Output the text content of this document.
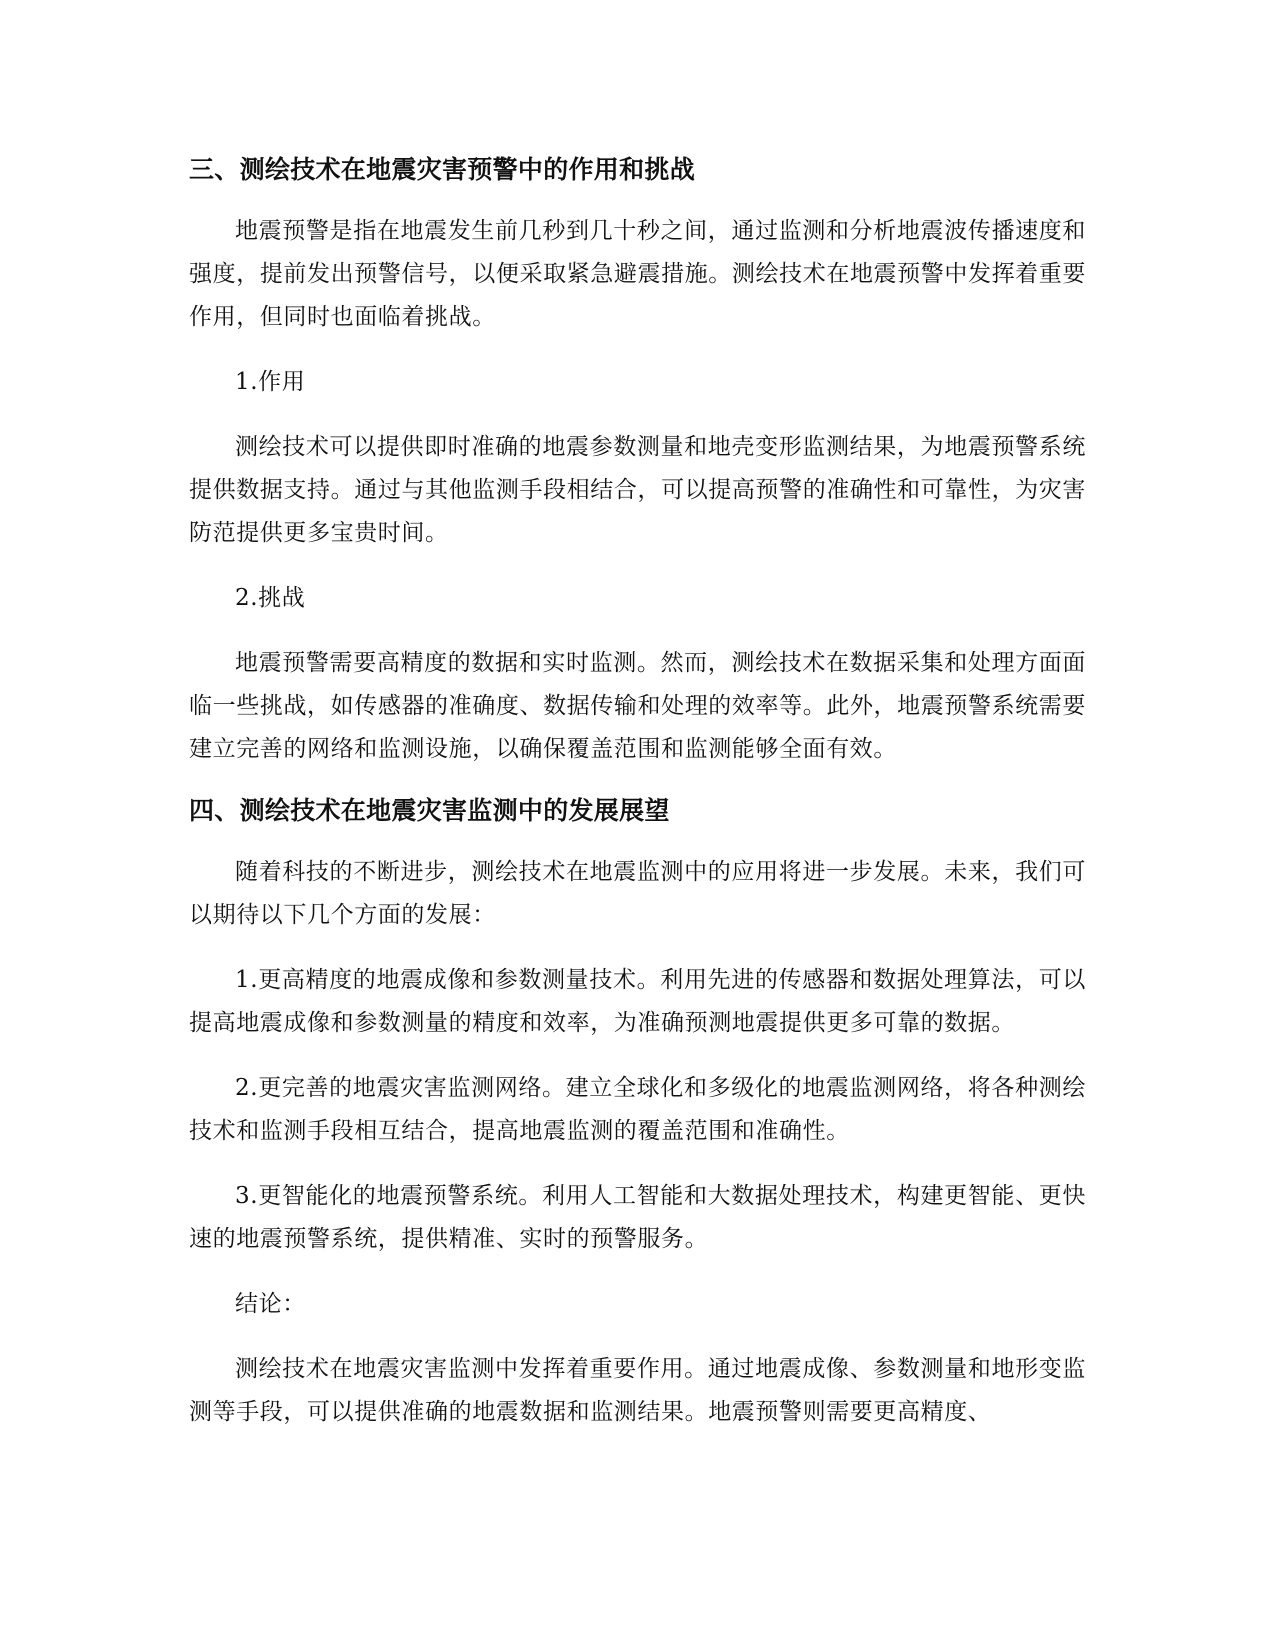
三、测绘技术在地震灾害预警中的作用和挑战

地震预警是指在地震发生前几秒到几十秒之间，通过监测和分析地震波传播速度和强度，提前发出预警信号，以便采取紧急避震措施。测绘技术在地震预警中发挥着重要作用，但同时也面临着挑战。

1.作用

测绘技术可以提供即时准确的地震参数测量和地壳变形监测结果，为地震预警系统提供数据支持。通过与其他监测手段相结合，可以提高预警的准确性和可靠性，为灾害防范提供更多宝贵时间。

2.挑战

地震预警需要高精度的数据和实时监测。然而，测绘技术在数据采集和处理方面面临一些挑战，如传感器的准确度、数据传输和处理的效率等。此外，地震预警系统需要建立完善的网络和监测设施，以确保覆盖范围和监测能够全面有效。

四、测绘技术在地震灾害监测中的发展展望

随着科技的不断进步，测绘技术在地震监测中的应用将进一步发展。未来，我们可以期待以下几个方面的发展：

1.更高精度的地震成像和参数测量技术。利用先进的传感器和数据处理算法，可以提高地震成像和参数测量的精度和效率，为准确预测地震提供更多可靠的数据。

2.更完善的地震灾害监测网络。建立全球化和多级化的地震监测网络，将各种测绘技术和监测手段相互结合，提高地震监测的覆盖范围和准确性。

3.更智能化的地震预警系统。利用人工智能和大数据处理技术，构建更智能、更快速的地震预警系统，提供精准、实时的预警服务。

结论：

测绘技术在地震灾害监测中发挥着重要作用。通过地震成像、参数测量和地形变监测等手段，可以提供准确的地震数据和监测结果。地震预警则需要更高精度、
